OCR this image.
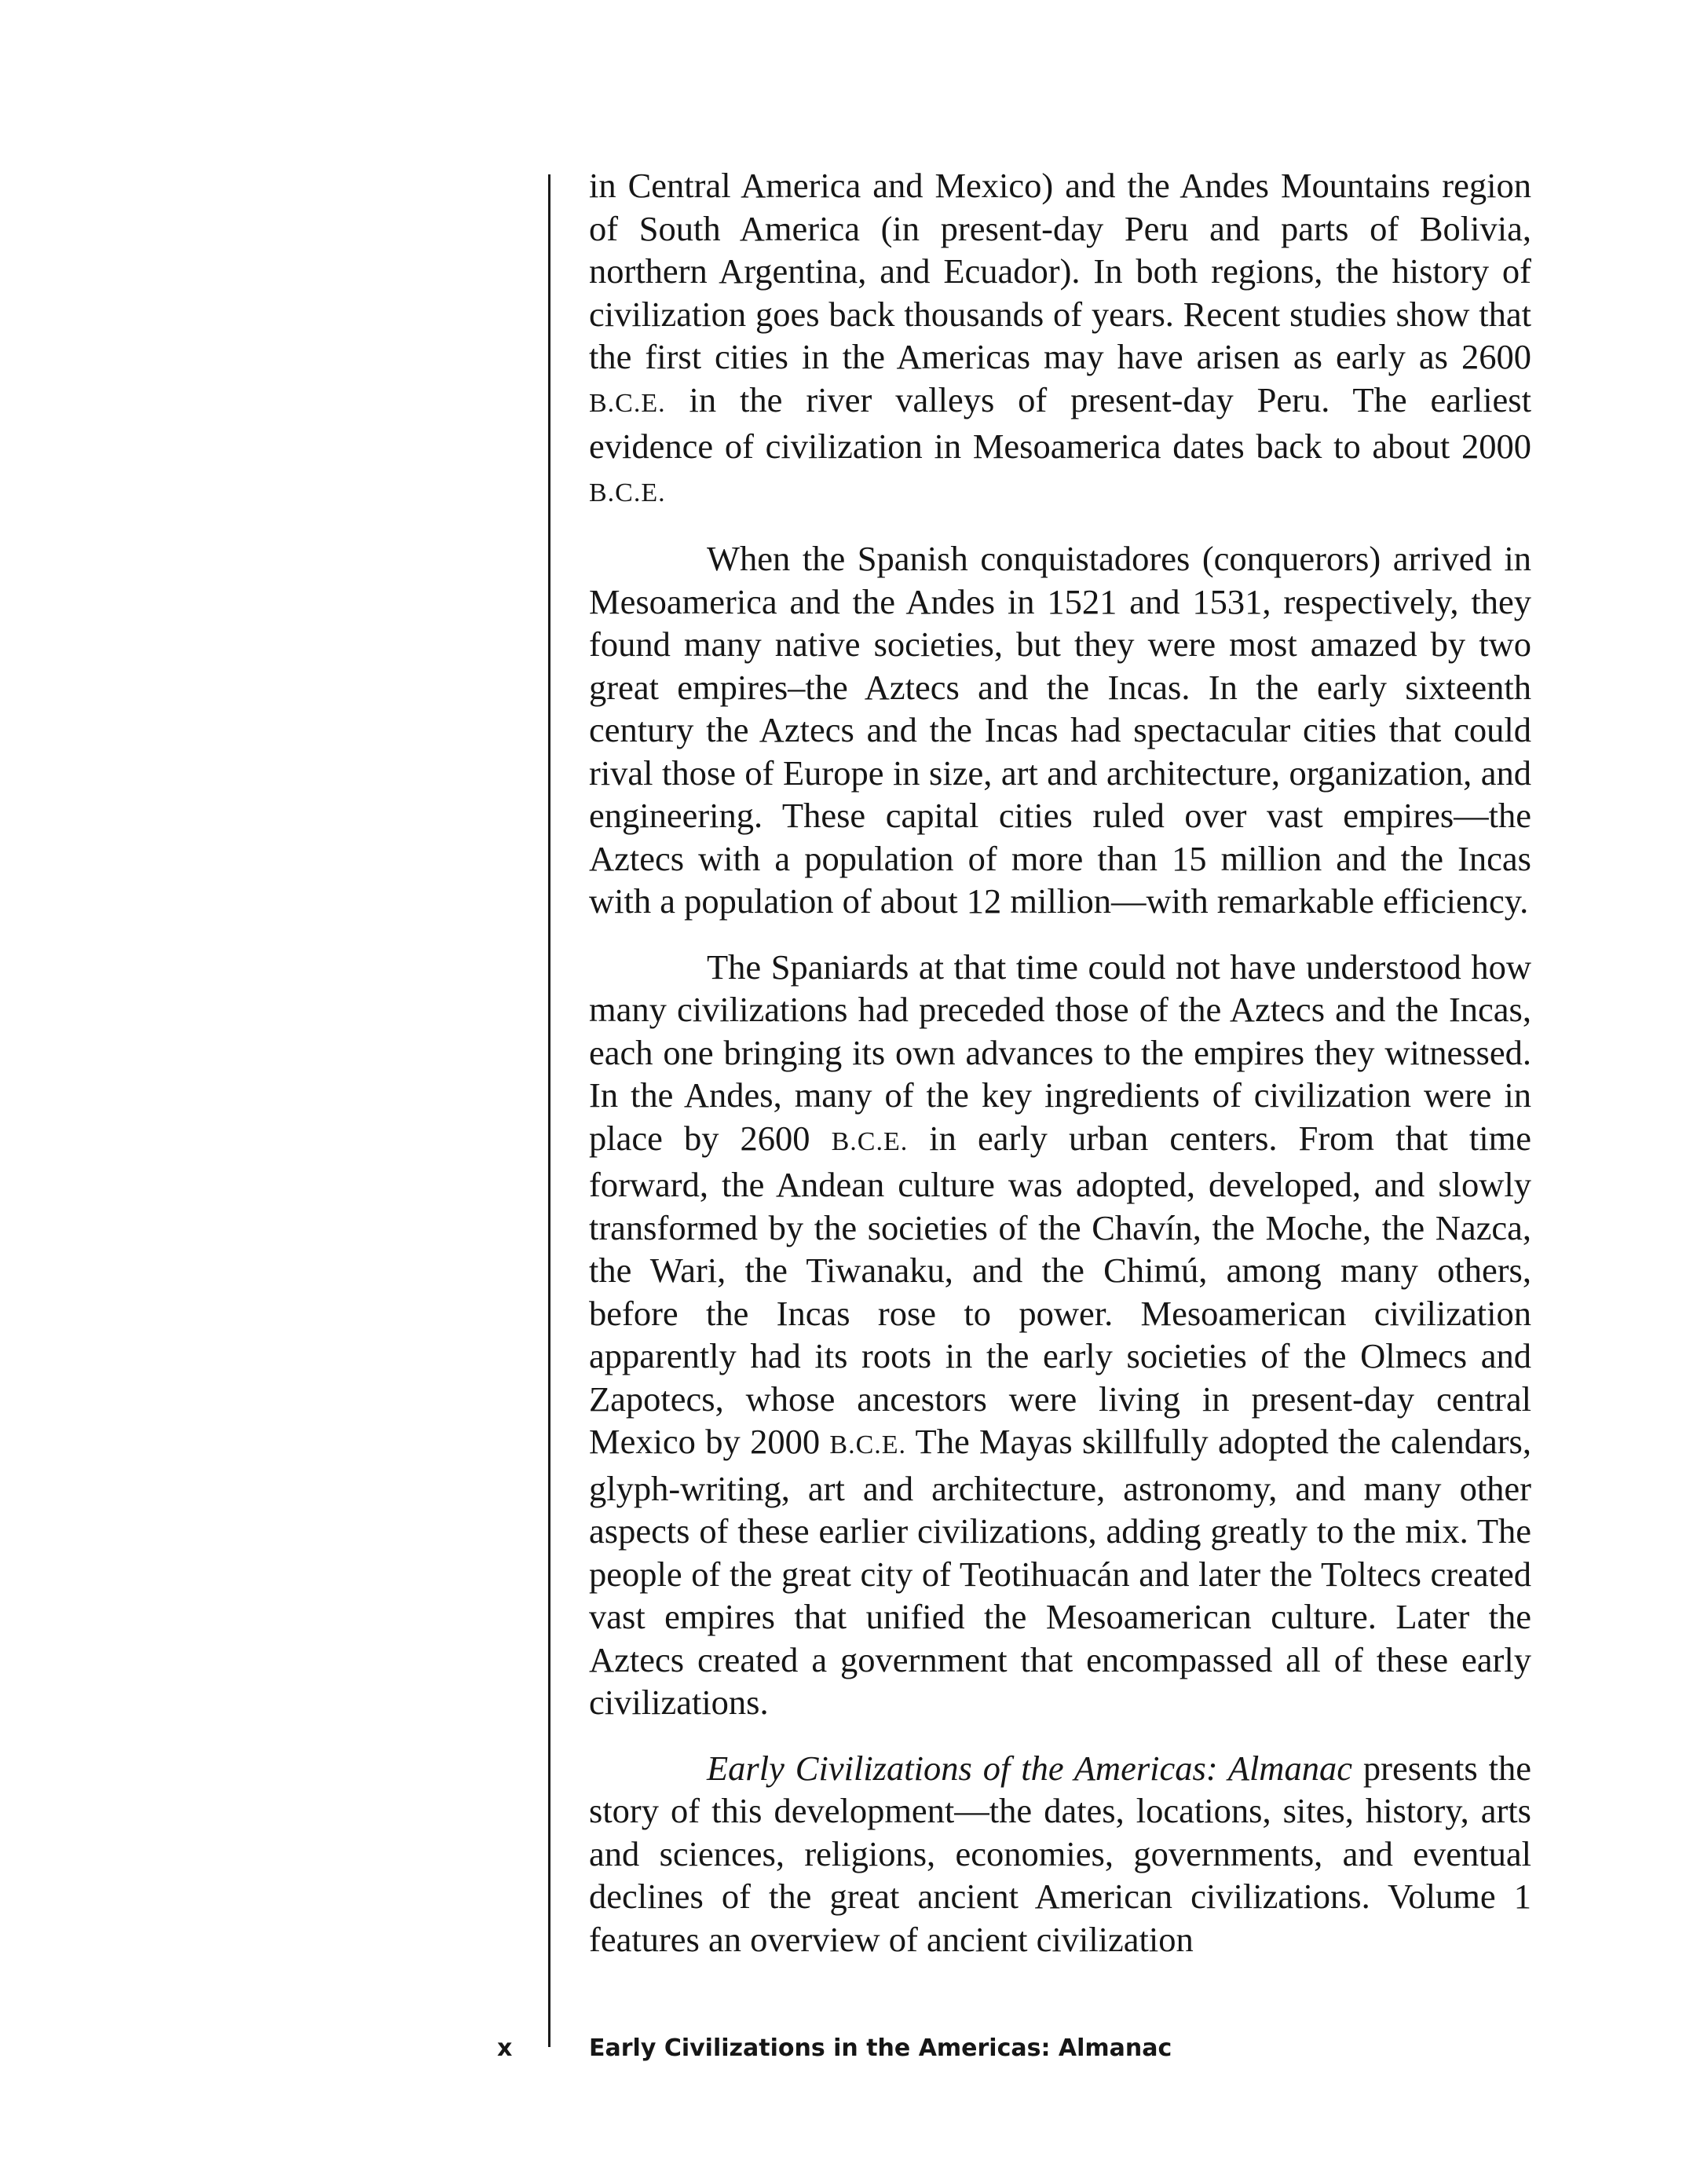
in Central America and Mexico) and the Andes Mountains region of South America (in present-day Peru and parts of Bolivia, northern Argentina, and Ecuador). In both regions, the history of civilization goes back thousands of years. Recent studies show that the first cities in the Americas may have arisen as early as 2600 B.C.E. in the river valleys of present-day Peru. The earliest evidence of civilization in Mesoamerica dates back to about 2000 B.C.E.

When the Spanish conquistadores (conquerors) arrived in Mesoamerica and the Andes in 1521 and 1531, respectively, they found many native societies, but they were most amazed by two great empires–the Aztecs and the Incas. In the early sixteenth century the Aztecs and the Incas had spectacular cities that could rival those of Europe in size, art and architecture, organization, and engineering. These capital cities ruled over vast empires—the Aztecs with a population of more than 15 million and the Incas with a population of about 12 million—with remarkable efficiency.

The Spaniards at that time could not have understood how many civilizations had preceded those of the Aztecs and the Incas, each one bringing its own advances to the empires they witnessed. In the Andes, many of the key ingredients of civilization were in place by 2600 B.C.E. in early urban centers. From that time forward, the Andean culture was adopted, developed, and slowly transformed by the societies of the Chavín, the Moche, the Nazca, the Wari, the Tiwanaku, and the Chimú, among many others, before the Incas rose to power. Mesoamerican civilization apparently had its roots in the early societies of the Olmecs and Zapotecs, whose ancestors were living in present-day central Mexico by 2000 B.C.E. The Mayas skillfully adopted the calendars, glyph-writing, art and architecture, astronomy, and many other aspects of these earlier civilizations, adding greatly to the mix. The people of the great city of Teotihuacán and later the Toltecs created vast empires that unified the Mesoamerican culture. Later the Aztecs created a government that encompassed all of these early civilizations.

Early Civilizations of the Americas: Almanac presents the story of this development—the dates, locations, sites, history, arts and sciences, religions, economies, governments, and eventual declines of the great ancient American civilizations. Volume 1 features an overview of ancient civilization

x	Early Civilizations in the Americas: Almanac
